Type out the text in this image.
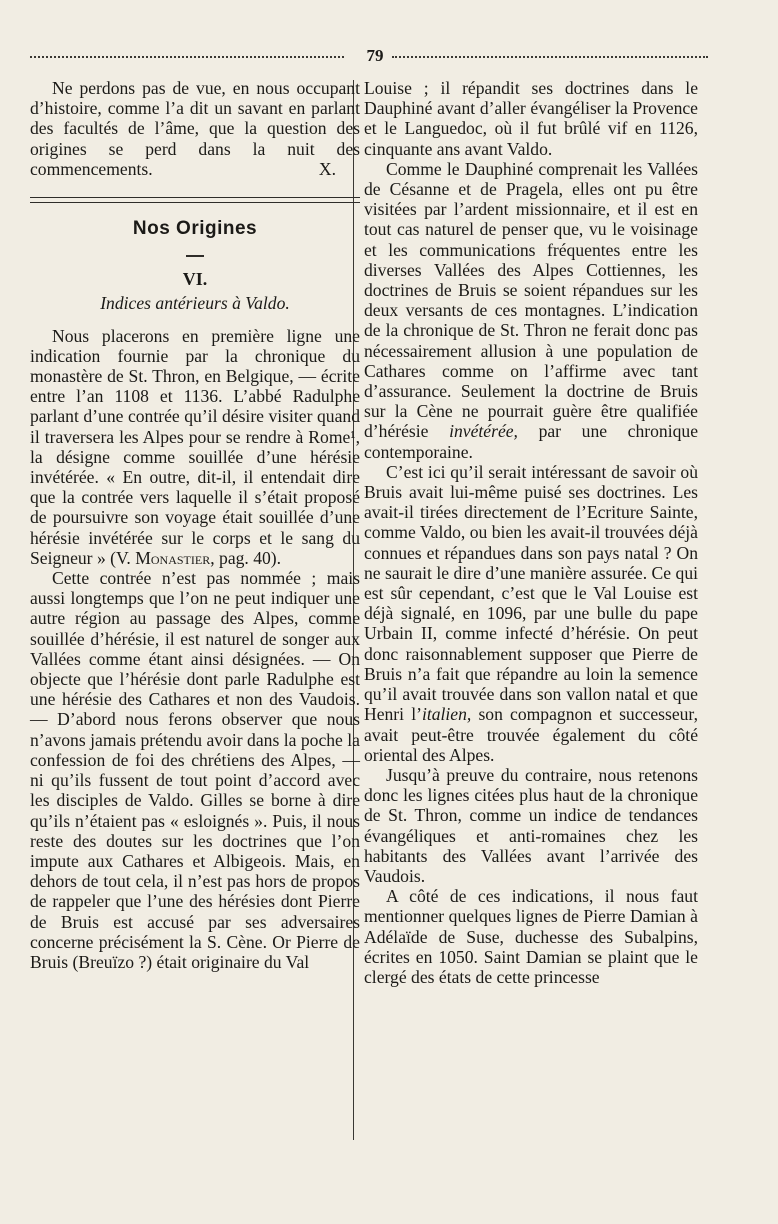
79

Ne perdons pas de vue, en nous occupant d’histoire, comme l’a dit un savant en parlant des facultés de l’âme, que la question des origines se perd dans la nuit des commencements.	X.

Nos Origines
VI.
Indices antérieurs à Valdo.

Nous placerons en première ligne une indication fournie par la chronique du monastère de St. Thron, en Belgique, — écrite entre l’an 1108 et 1136. L’abbé Radulphe parlant d’une contrée qu’il désire visiter quand il traversera les Alpes pour se rendre à Rome¹, la désigne comme souillée d’une hérésie invétérée. « En outre, dit-il, il entendait dire que la contrée vers laquelle il s’était proposé de poursuivre son voyage était souillée d’une hérésie invétérée sur le corps et le sang du Seigneur » (V. Monastier, pag. 40).

Cette contrée n’est pas nommée ; mais aussi longtemps que l’on ne peut indiquer une autre région au passage des Alpes, comme souillée d’hérésie, il est naturel de songer aux Vallées comme étant ainsi désignées. — On objecte que l’hérésie dont parle Radulphe est une hérésie des Cathares et non des Vaudois. — D’abord nous ferons observer que nous n’avons jamais prétendu avoir dans la poche la confession de foi des chrétiens des Alpes, — ni qu’ils fussent de tout point d’accord avec les disciples de Valdo. Gilles se borne à dire qu’ils n’étaient pas « esloignés ». Puis, il nous reste des doutes sur les doctrines que l’on impute aux Cathares et Albigeois. Mais, en dehors de tout cela, il n’est pas hors de propos de rappeler que l’une des hérésies dont Pierre de Bruis est accusé par ses adversaires concerne précisément la S. Cène. Or Pierre de Bruis (Breuïzo ?) était originaire du Val

Louise ; il répandit ses doctrines dans le Dauphiné avant d’aller évangéliser la Provence et le Languedoc, où il fut brûlé vif en 1126, cinquante ans avant Valdo.

Comme le Dauphiné comprenait les Vallées de Césanne et de Pragela, elles ont pu être visitées par l’ardent missionnaire, et il est en tout cas naturel de penser que, vu le voisinage et les communications fréquentes entre les diverses Vallées des Alpes Cottiennes, les doctrines de Bruis se soient répandues sur les deux versants de ces montagnes. L’indication de la chronique de St. Thron ne ferait donc pas nécessairement allusion à une population de Cathares comme on l’affirme avec tant d’assurance. Seulement la doctrine de Bruis sur la Cène ne pourrait guère être qualifiée d’hérésie invétérée, par une chronique contemporaine.

C’est ici qu’il serait intéressant de savoir où Bruis avait lui-même puisé ses doctrines. Les avait-il tirées directement de l’Ecriture Sainte, comme Valdo, ou bien les avait-il trouvées déjà connues et répandues dans son pays natal ? On ne saurait le dire d’une manière assurée. Ce qui est sûr cependant, c’est que le Val Louise est déjà signalé, en 1096, par une bulle du pape Urbain II, comme infecté d’hérésie. On peut donc raisonnablement supposer que Pierre de Bruis n’a fait que répandre au loin la semence qu’il avait trouvée dans son vallon natal et que Henri l’italien, son compagnon et successeur, avait peut-être trouvée également du côté oriental des Alpes.

Jusqu’à preuve du contraire, nous retenons donc les lignes citées plus haut de la chronique de St. Thron, comme un indice de tendances évangéliques et anti-romaines chez les habitants des Vallées avant l’arrivée des Vaudois.

A côté de ces indications, il nous faut mentionner quelques lignes de Pierre Damian à Adélaïde de Suse, duchesse des Subalpins, écrites en 1050. Saint Damian se plaint que le clergé des états de cette princesse
